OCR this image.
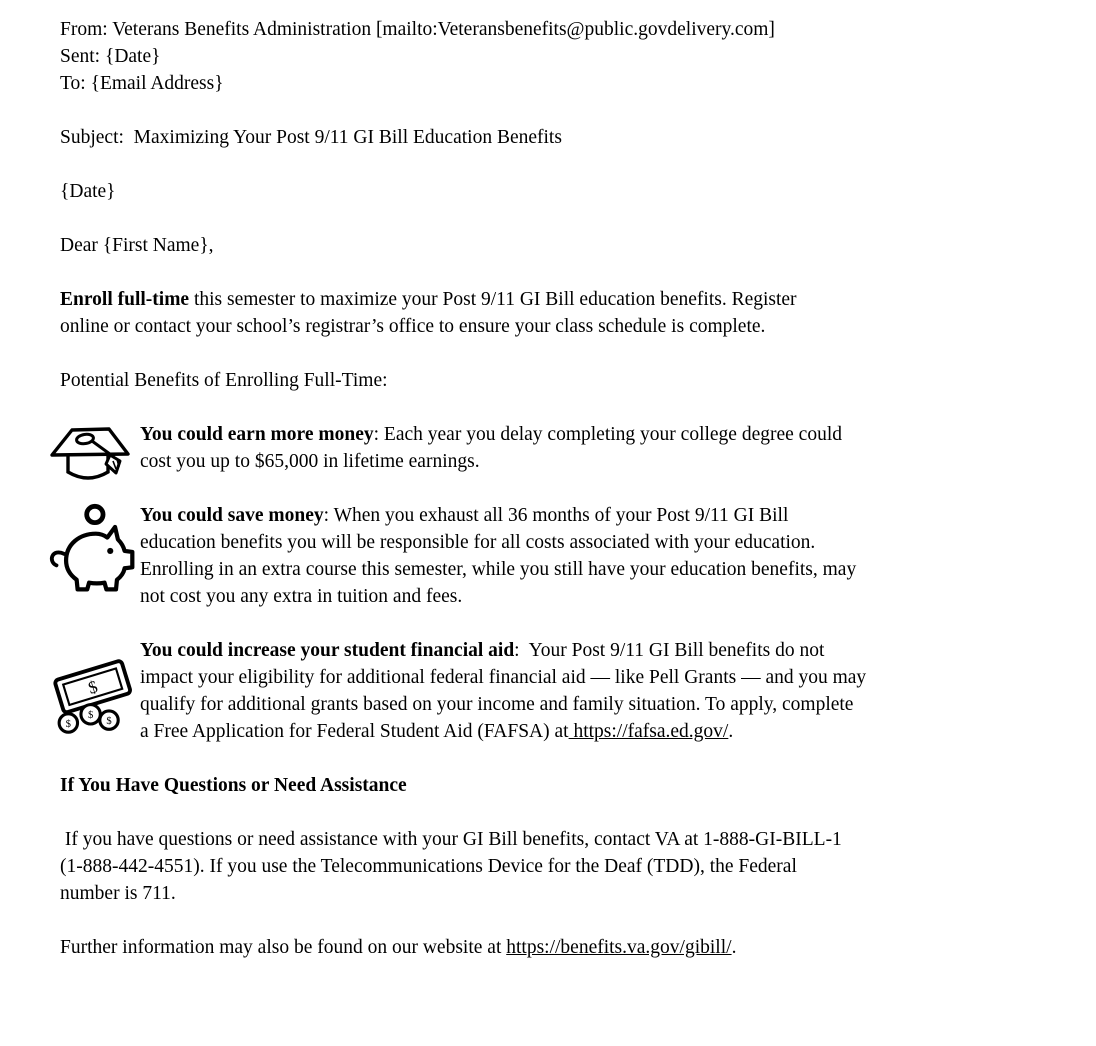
From: Veterans Benefits Administration [mailto:Veteransbenefits@public.govdelivery.com]

Sent: {Date}

To: {Email Address}

Subject:  Maximizing Your Post 9/11 GI Bill Education Benefits

{Date}

Dear {First Name},

Enroll full-time this semester to maximize your Post 9/11 GI Bill education benefits. Register
online or contact your school’s registrar’s office to ensure your class schedule is complete.

Potential Benefits of Enrolling Full-Time:

You could earn more money: Each year you delay completing your college degree could
cost you up to $65,000 in lifetime earnings.

You could save money: When you exhaust all 36 months of your Post 9/11 GI Bill
education benefits you will be responsible for all costs associated with your education.
Enrolling in an extra course this semester, while you still have your education benefits, may
not cost you any extra in tuition and fees.

$
$
$
$

You could increase your student financial aid:  Your Post 9/11 GI Bill benefits do not
impact your eligibility for additional federal financial aid — like Pell Grants — and you may
qualify for additional grants based on your income and family situation. To apply, complete
a Free Application for Federal Student Aid (FAFSA) at https://fafsa.ed.gov/.

If You Have Questions or Need Assistance

If you have questions or need assistance with your GI Bill benefits, contact VA at 1-888-GI-BILL-1
(1-888-442-4551). If you use the Telecommunications Device for the Deaf (TDD), the Federal
number is 711.

Further information may also be found on our website at https://benefits.va.gov/gibill/.
